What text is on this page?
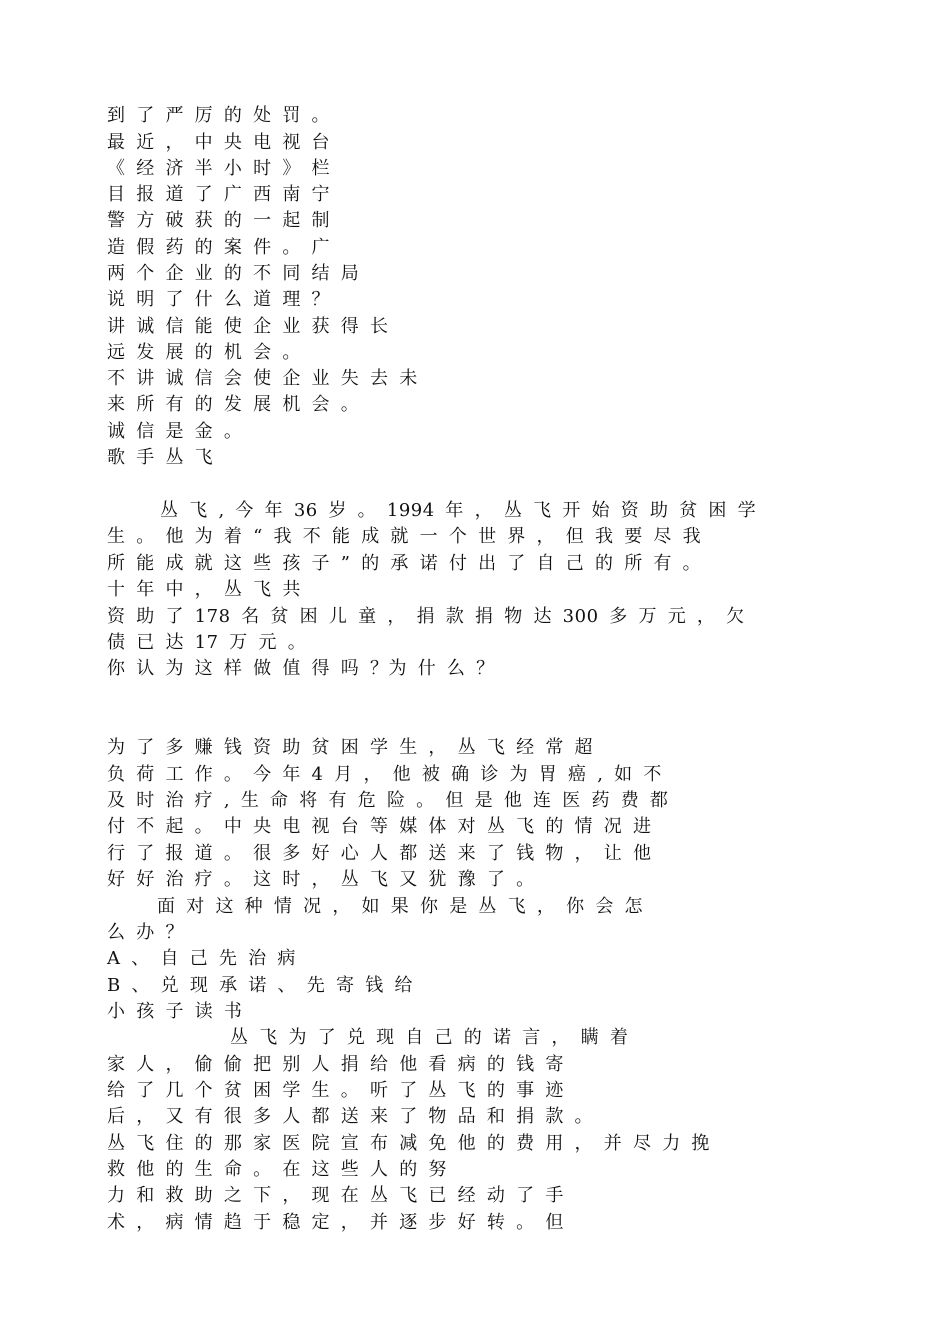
到 了 严 厉 的 处 罚 。

最 近 ， 中 央 电 视 台

《 经 济 半 小 时 》 栏

目 报 道 了 广 西 南 宁

警 方 破 获 的 一 起 制

造 假 药 的 案 件 。 广

两 个 企 业 的 不 同 结 局

说 明 了 什 么 道 理 ？

讲 诚 信 能 使 企 业 获 得 长

远 发 展 的 机 会 。

不 讲 诚 信 会 使 企 业 失 去 未

来 所 有 的 发 展 机 会 。

诚 信 是 金 。

歌 手 丛 飞

丛 飞 , 今 年 36 岁 。 1994 年 ， 丛 飞 开 始 资 助 贫 困 学

生 。 他 为 着 “ 我 不 能 成 就 一 个 世 界 ， 但 我 要 尽 我

所 能 成 就 这 些 孩 子 ” 的 承 诺 付 出 了 自 己 的 所 有 。

十 年 中 ， 丛 飞 共

资 助 了 178 名 贫 困 儿 童 ， 捐 款 捐 物 达 300 多 万 元 ， 欠

债 已 达 17 万 元 。

你 认 为 这 样 做 值 得 吗 ？为 什 么 ？

为 了 多 赚 钱 资 助 贫 困 学 生 ， 丛 飞 经 常 超

负 荷 工 作 。 今 年 4 月 ， 他 被 确 诊 为 胃 癌 , 如 不

及 时 治 疗 , 生 命 将 有 危 险 。 但 是 他 连 医 药 费 都

付 不 起 。 中 央 电 视 台 等 媒 体 对 丛 飞 的 情 况 进

行 了 报 道 。 很 多 好 心 人 都 送 来 了 钱 物 ， 让 他

好 好 治 疗 。 这 时 ， 丛 飞 又 犹 豫 了 。

面 对 这 种 情 况 ， 如 果 你 是 丛 飞 ， 你 会 怎

么 办 ？

A 、 自 己 先 治 病

B 、 兑 现 承 诺 、 先 寄 钱 给

小 孩 子 读 书

丛 飞 为 了 兑 现 自 己 的 诺 言 ， 瞒 着

家 人 ， 偷 偷 把 别 人 捐 给 他 看 病 的 钱 寄

给 了 几 个 贫 困 学 生 。 听 了 丛 飞 的 事 迹

后 ， 又 有 很 多 人 都 送 来 了 物 品 和 捐 款 。

丛 飞 住 的 那 家 医 院 宣 布 减 免 他 的 费 用 ， 并 尽 力 挽

救 他 的 生 命 。 在 这 些 人 的 努

力 和 救 助 之 下 ， 现 在 丛 飞 已 经 动 了 手

术 ， 病 情 趋 于 稳 定 ， 并 逐 步 好 转 。 但
